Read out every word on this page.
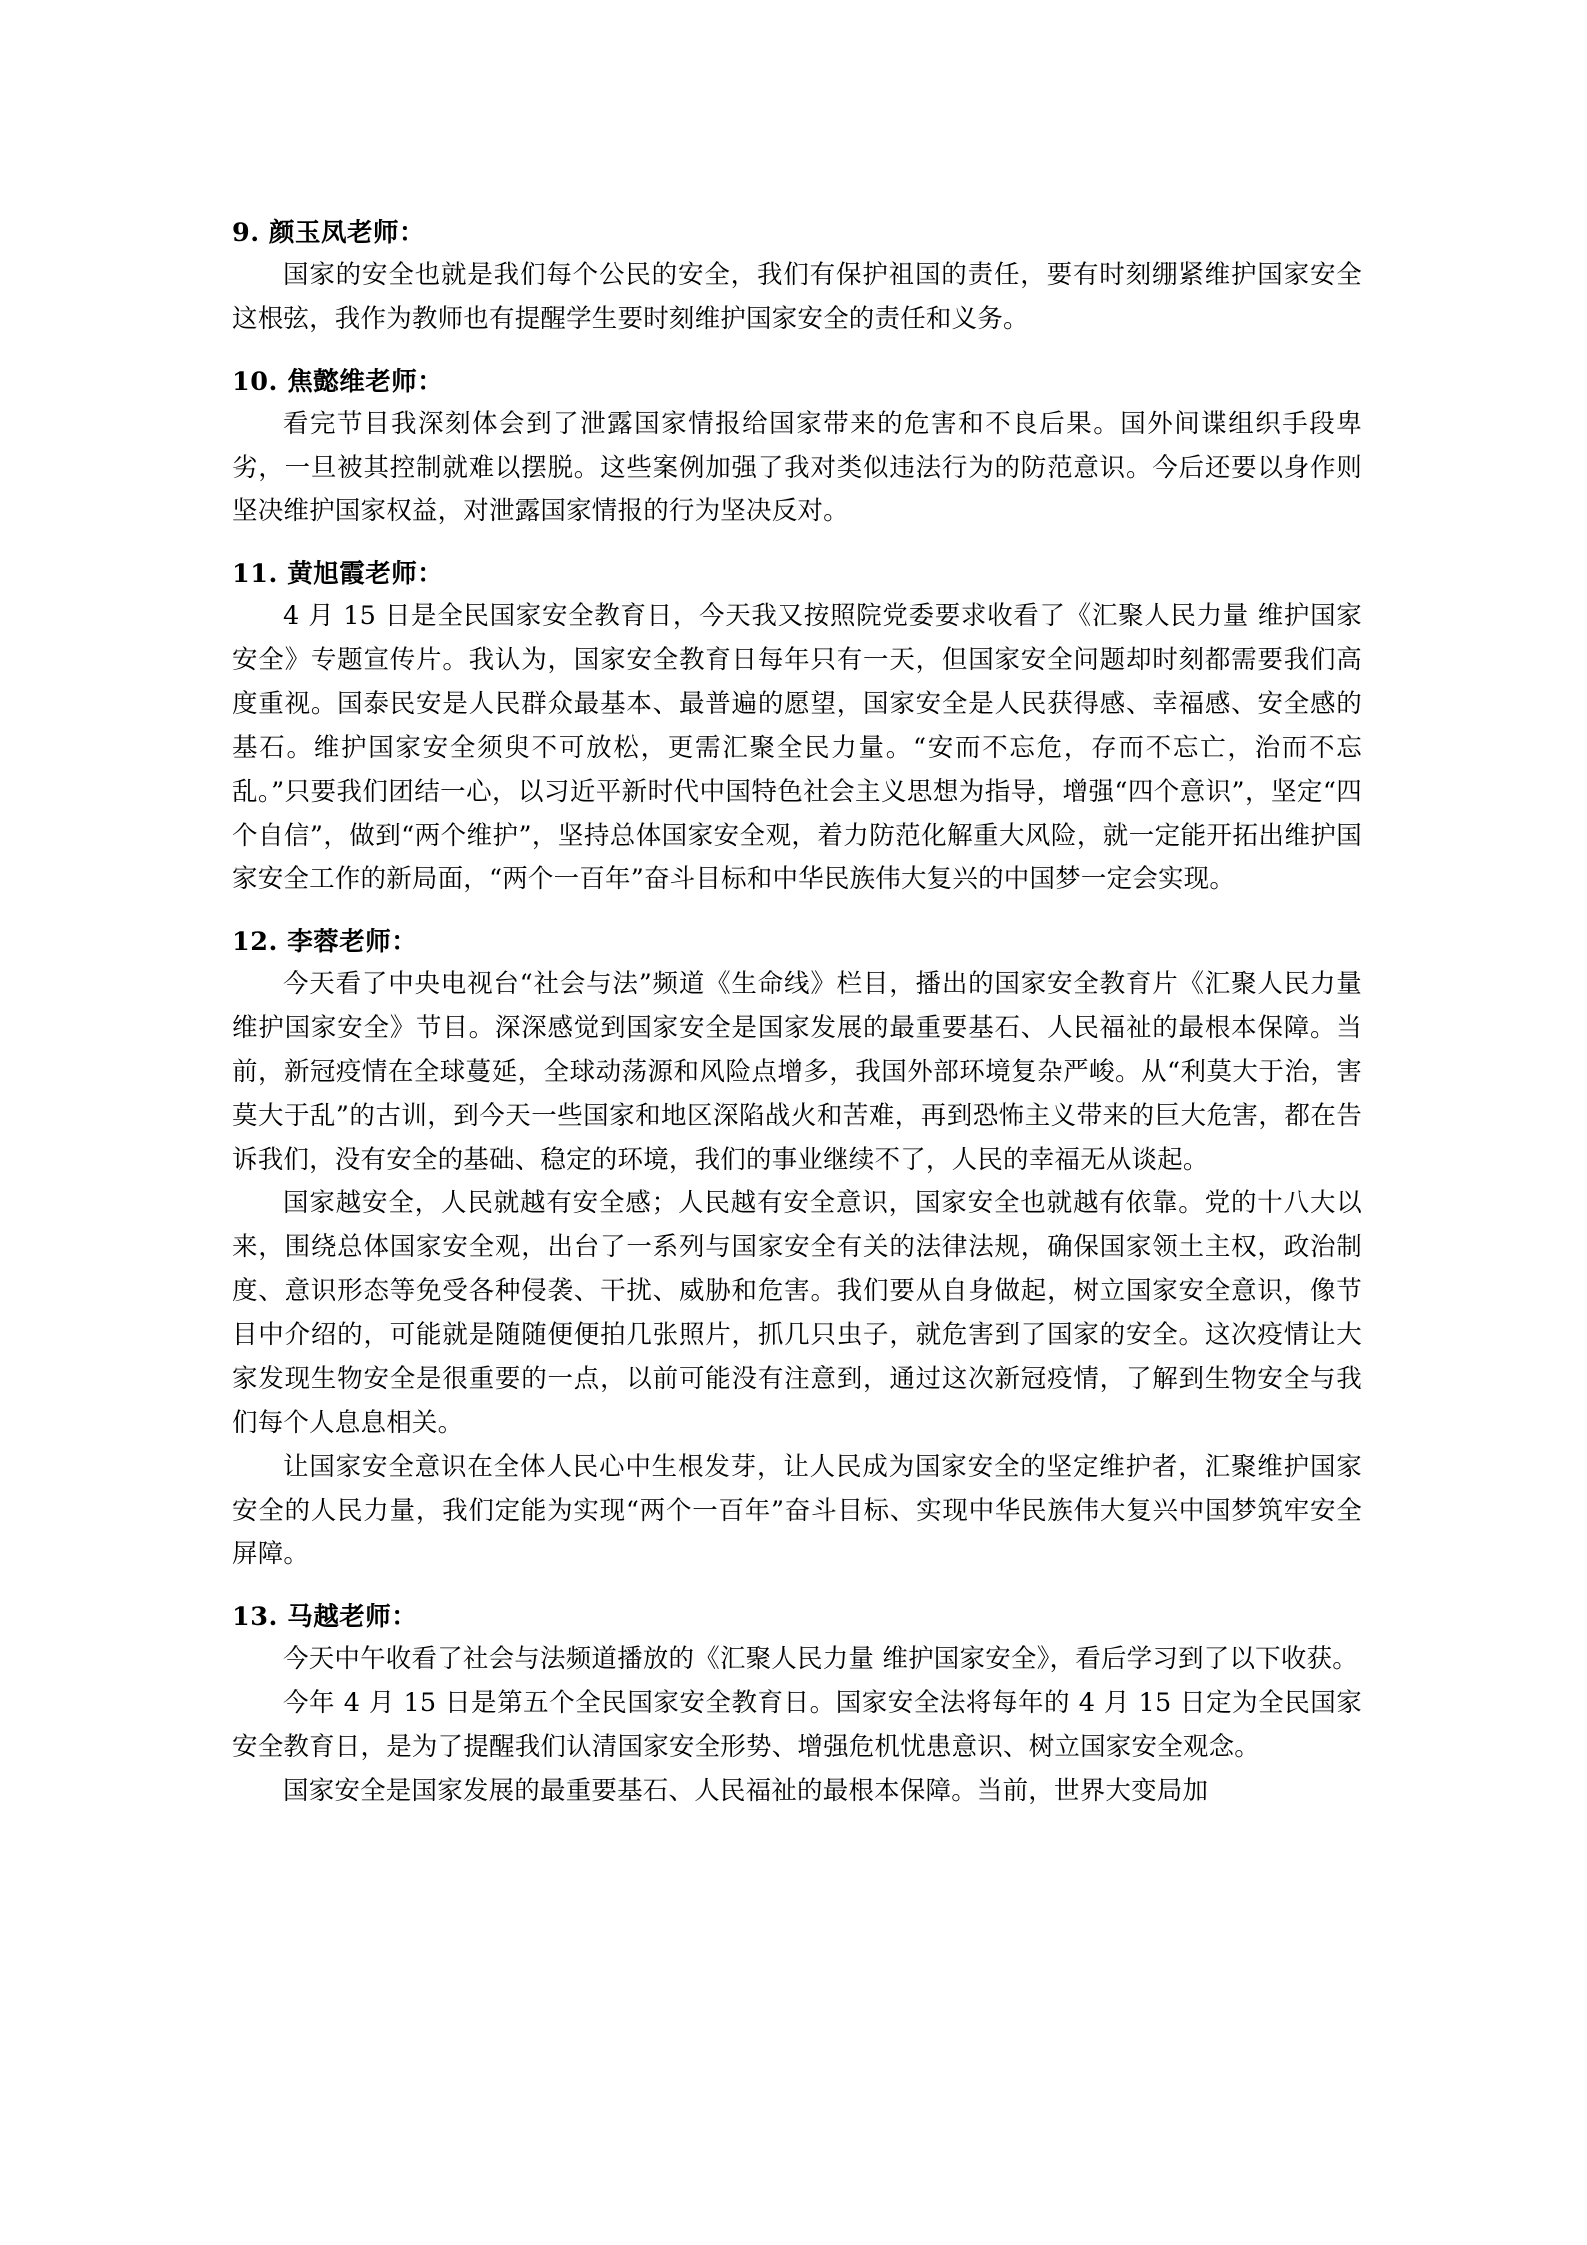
9. 颜玉凤老师：

国家的安全也就是我们每个公民的安全，我们有保护祖国的责任，要有时刻绷紧维护国家安全这根弦，我作为教师也有提醒学生要时刻维护国家安全的责任和义务。

10. 焦懿维老师：

看完节目我深刻体会到了泄露国家情报给国家带来的危害和不良后果。国外间谍组织手段卑劣，一旦被其控制就难以摆脱。这些案例加强了我对类似违法行为的防范意识。今后还要以身作则坚决维护国家权益，对泄露国家情报的行为坚决反对。

11. 黄旭霞老师：

4 月 15 日是全民国家安全教育日，今天我又按照院党委要求收看了《汇聚人民力量 维护国家安全》专题宣传片。我认为，国家安全教育日每年只有一天，但国家安全问题却时刻都需要我们高度重视。国泰民安是人民群众最基本、最普遍的愿望，国家安全是人民获得感、幸福感、安全感的基石。维护国家安全须臾不可放松，更需汇聚全民力量。“安而不忘危，存而不忘亡，治而不忘乱。”只要我们团结一心，以习近平新时代中国特色社会主义思想为指导，增强“四个意识”，坚定“四个自信”，做到“两个维护”，坚持总体国家安全观，着力防范化解重大风险，就一定能开拓出维护国家安全工作的新局面，“两个一百年”奋斗目标和中华民族伟大复兴的中国梦一定会实现。

12. 李蓉老师：

今天看了中央电视台“社会与法”频道《生命线》栏目，播出的国家安全教育片《汇聚人民力量 维护国家安全》节目。深深感觉到国家安全是国家发展的最重要基石、人民福祉的最根本保障。当前，新冠疫情在全球蔓延，全球动荡源和风险点增多，我国外部环境复杂严峻。从“利莫大于治，害莫大于乱”的古训，到今天一些国家和地区深陷战火和苦难，再到恐怖主义带来的巨大危害，都在告诉我们，没有安全的基础、稳定的环境，我们的事业继续不了，人民的幸福无从谈起。

国家越安全，人民就越有安全感；人民越有安全意识，国家安全也就越有依靠。党的十八大以来，围绕总体国家安全观，出台了一系列与国家安全有关的法律法规，确保国家领土主权，政治制度、意识形态等免受各种侵袭、干扰、威胁和危害。我们要从自身做起，树立国家安全意识，像节目中介绍的，可能就是随随便便拍几张照片，抓几只虫子，就危害到了国家的安全。这次疫情让大家发现生物安全是很重要的一点，以前可能没有注意到，通过这次新冠疫情，了解到生物安全与我们每个人息息相关。

让国家安全意识在全体人民心中生根发芽，让人民成为国家安全的坚定维护者，汇聚维护国家安全的人民力量，我们定能为实现“两个一百年”奋斗目标、实现中华民族伟大复兴中国梦筑牢安全屏障。

13. 马越老师：

今天中午收看了社会与法频道播放的《汇聚人民力量 维护国家安全》，看后学习到了以下收获。

今年 4 月 15 日是第五个全民国家安全教育日。国家安全法将每年的 4 月 15 日定为全民国家安全教育日，是为了提醒我们认清国家安全形势、增强危机忧患意识、树立国家安全观念。

国家安全是国家发展的最重要基石、人民福祉的最根本保障。当前，世界大变局加
